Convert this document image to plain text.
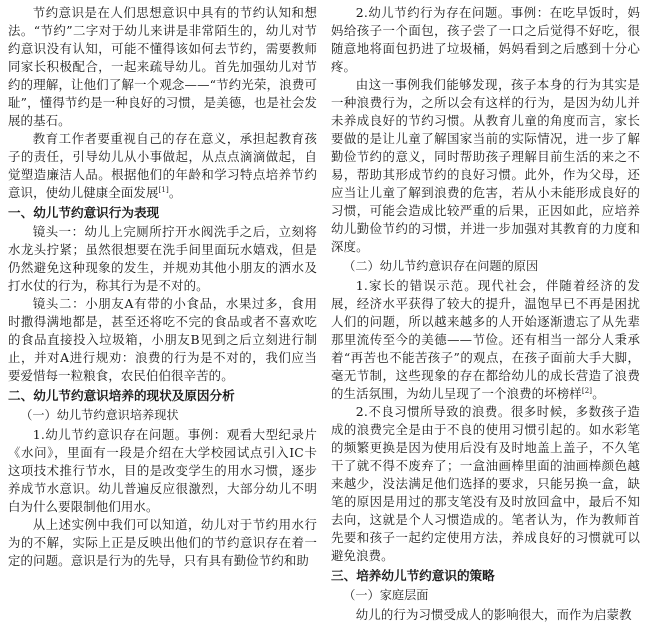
节约意识是在人们思想意识中具有的节约认知和想法。“节约”二字对于幼儿来讲是非常陌生的，幼儿对节约意识没有认知，可能不懂得该如何去节约，需要教师同家长积极配合，一起来疏导幼儿。首先加强幼儿对节约的理解，让他们了解一个观念——“节约光荣，浪费可耻”，懂得节约是一种良好的习惯，是美德，也是社会发展的基石。

教育工作者要重视自己的存在意义，承担起教育孩子的责任，引导幼儿从小事做起，从点点滴滴做起，自觉塑造廉洁人品。根据他们的年龄和学习特点培养节约意识，使幼儿健康全面发展[1]。

一、幼儿节约意识行为表现

镜头一：幼儿上完厕所拧开水阀洗手之后，立刻将水龙头拧紧；虽然很想要在洗手间里面玩水嬉戏，但是仍然避免这种现象的发生，并规劝其他小朋友的洒水及打水仗的行为，称其行为是不对的。

镜头二：小朋友A有带的小食品，水果过多，食用时撒得满地都是，甚至还将吃不完的食品或者不喜欢吃的食品直接投入垃圾箱，小朋友B见到之后立刻进行制止，并对A进行规劝：浪费的行为是不对的，我们应当要爱惜每一粒粮食，农民伯伯很辛苦的。

二、幼儿节约意识培养的现状及原因分析
（一）幼儿节约意识培养现状

1.幼儿节约意识存在问题。事例：观看大型纪录片《水问》，里面有一段是介绍在大学校园试点引入IC卡这项技术推行节水，目的是改变学生的用水习惯，逐步养成节水意识。幼儿普遍反应很激烈，大部分幼儿不明白为什么要限制他们用水。

从上述实例中我们可以知道，幼儿对于节约用水行为的不解，实际上正是反映出他们的节约意识存在着一定的问题。意识是行为的先导，只有具有勤俭节约和助

2.幼儿节约行为存在问题。事例：在吃早饭时，妈妈给孩子一个面包，孩子尝了一口之后觉得不好吃，很随意地将面包扔进了垃圾桶，妈妈看到之后感到十分心疼。

由这一事例我们能够发现，孩子本身的行为其实是一种浪费行为，之所以会有这样的行为，是因为幼儿并未养成良好的节约习惯。从教育儿童的角度而言，家长要做的是让儿童了解国家当前的实际情况，进一步了解勤俭节约的意义，同时帮助孩子理解目前生活的来之不易，帮助其形成节约的良好习惯。此外，作为父母，还应当让儿童了解到浪费的危害，若从小未能形成良好的习惯，可能会造成比较严重的后果，正因如此，应培养幼儿勤俭节约的习惯，并进一步加强对其教育的力度和深度。

（二）幼儿节约意识存在问题的原因

1.家长的错误示范。现代社会，伴随着经济的发展，经济水平获得了较大的提升，温饱早已不再是困扰人们的问题，所以越来越多的人开始逐渐遗忘了从先辈那里流传至今的美德——节俭。还有相当一部分人秉承着“再苦也不能苦孩子”的观点，在孩子面前大手大脚，毫无节制，这些现象的存在都给幼儿的成长营造了浪费的生活氛围，为幼儿呈现了一个浪费的坏榜样[2]。

2.不良习惯所导致的浪费。很多时候，多数孩子造成的浪费完全是由于不良的使用习惯引起的。如水彩笔的频繁更换是因为使用后没有及时地盖上盖子，不久笔干了就不得不废弃了；一盒油画棒里面的油画棒颜色越来越少，没法满足他们选择的要求，只能另换一盒，缺笔的原因是用过的那支笔没有及时放回盒中，最后不知去向，这就是个人习惯造成的。笔者认为，作为教师首先要和孩子一起约定使用方法，养成良好的习惯就可以避免浪费。

三、培养幼儿节约意识的策略
（一）家庭层面

幼儿的行为习惯受成人的影响很大，而作为启蒙教
